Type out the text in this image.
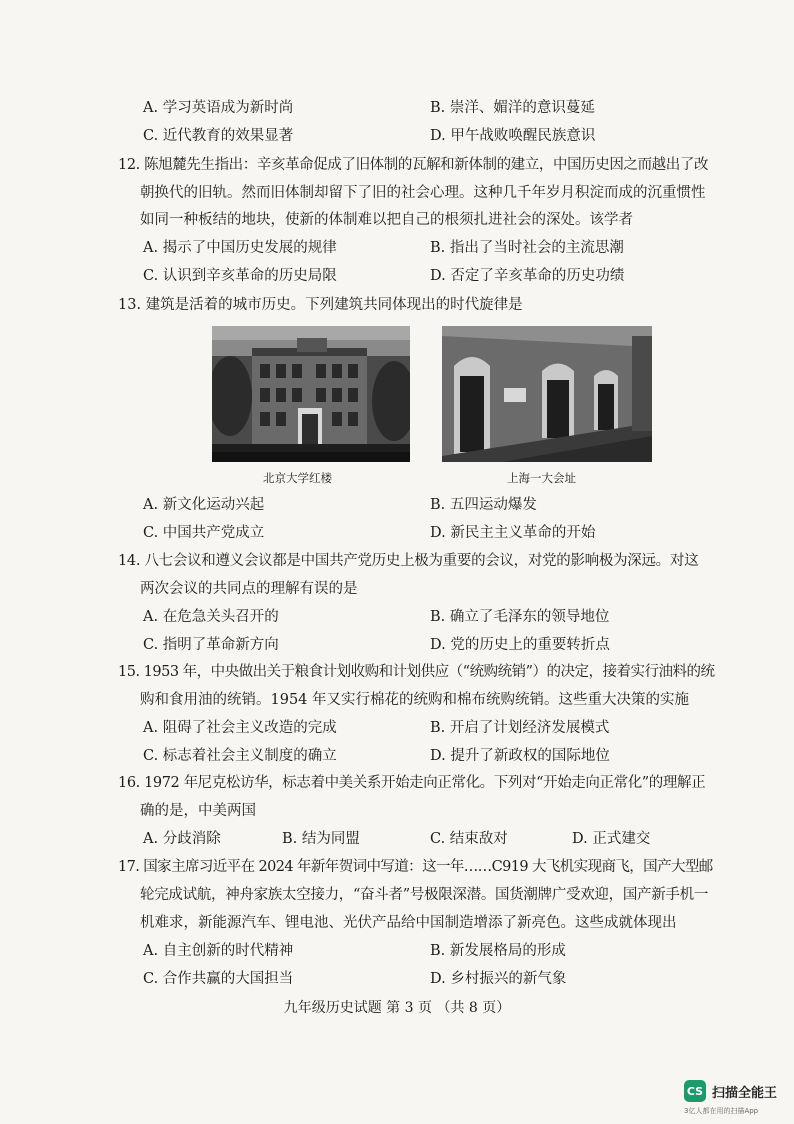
A. 学习英语成为新时尚	B. 崇洋、媚洋的意识蔓延
C. 近代教育的效果显著	D. 甲午战败唤醒民族意识
12. 陈旭麓先生指出：辛亥革命促成了旧体制的瓦解和新体制的建立，中国历史因之而越出了改
朝换代的旧轨。然而旧体制却留下了旧的社会心理。这种几千年岁月积淀而成的沉重惯性
如同一种板结的地块，使新的体制难以把自己的根须扎进社会的深处。该学者
A. 揭示了中国历史发展的规律	B. 指出了当时社会的主流思潮
C. 认识到辛亥革命的历史局限	D. 否定了辛亥革命的历史功绩
13. 建筑是活着的城市历史。下列建筑共同体现出的时代旋律是
北京大学红楼	上海一大会址
A. 新文化运动兴起	B. 五四运动爆发
C. 中国共产党成立	D. 新民主主义革命的开始
14. 八七会议和遵义会议都是中国共产党历史上极为重要的会议，对党的影响极为深远。对这
两次会议的共同点的理解有误的是
A. 在危急关头召开的	B. 确立了毛泽东的领导地位
C. 指明了革命新方向	D. 党的历史上的重要转折点
15. 1953 年，中央做出关于粮食计划收购和计划供应（“统购统销”）的决定，接着实行油料的统
购和食用油的统销。1954 年又实行棉花的统购和棉布统购统销。这些重大决策的实施
A. 阻碍了社会主义改造的完成	B. 开启了计划经济发展模式
C. 标志着社会主义制度的确立	D. 提升了新政权的国际地位
16. 1972 年尼克松访华，标志着中美关系开始走向正常化。下列对“开始走向正常化”的理解正
确的是，中美两国
A. 分歧消除	B. 结为同盟	C. 结束敌对	D. 正式建交
17. 国家主席习近平在 2024 年新年贺词中写道：这一年……C919 大飞机实现商飞，国产大型邮
轮完成试航，神舟家族太空接力，“奋斗者”号极限深潜。国货潮牌广受欢迎，国产新手机一
机难求，新能源汽车、锂电池、光伏产品给中国制造增添了新亮色。这些成就体现出
A. 自主创新的时代精神	B. 新发展格局的形成
C. 合作共赢的大国担当	D. 乡村振兴的新气象
九年级历史试题 第 3 页 （共 8 页）
CS 扫描全能王
3亿人都在用的扫描App
